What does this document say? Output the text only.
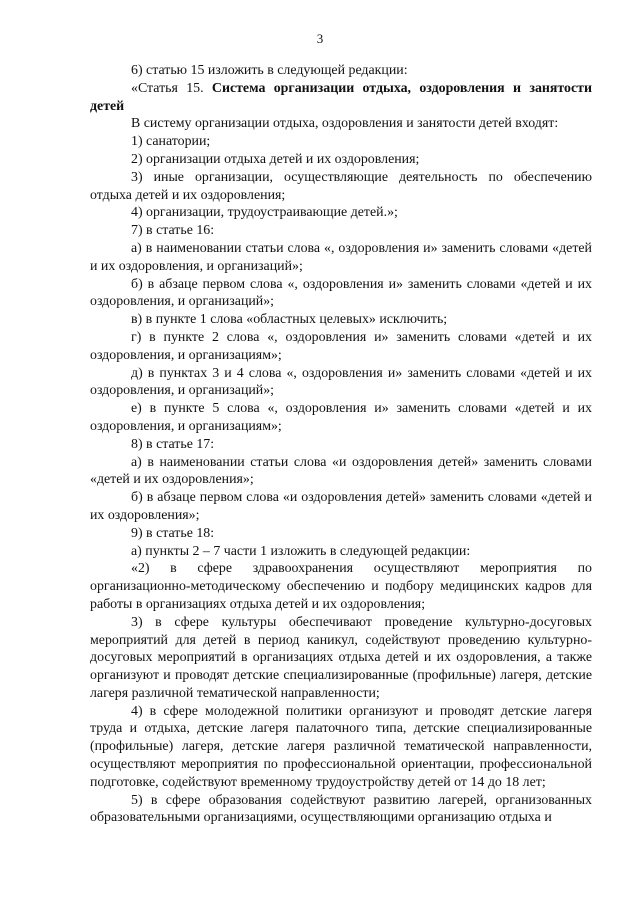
3

6) статью 15 изложить в следующей редакции:

«Статья 15. Система организации отдыха, оздоровления и занятости детей

В систему организации отдыха, оздоровления и занятости детей входят:

1) санатории;

2) организации отдыха детей и их оздоровления;

3) иные организации, осуществляющие деятельность по обеспечению отдыха детей и их оздоровления;

4) организации, трудоустраивающие детей.»;

7) в статье 16:

а) в наименовании статьи слова «, оздоровления и» заменить словами «детей и их оздоровления, и организаций»;

б) в абзаце первом слова «, оздоровления и» заменить словами «детей и их оздоровления, и организаций»;

в) в пункте 1 слова «областных целевых» исключить;

г) в пункте 2 слова «, оздоровления и» заменить словами «детей и их оздоровления, и организациям»;

д) в пунктах 3 и 4 слова «, оздоровления и» заменить словами «детей и их оздоровления, и организаций»;

е) в пункте 5 слова «, оздоровления и» заменить словами «детей и их оздоровления, и организациям»;

8) в статье 17:

а) в наименовании статьи слова «и оздоровления детей» заменить словами «детей и их оздоровления»;

б) в абзаце первом слова «и оздоровления детей» заменить словами «детей и их оздоровления»;

9) в статье 18:

а) пункты 2 – 7 части 1 изложить в следующей редакции:

«2) в сфере здравоохранения осуществляют мероприятия по организационно-методическому обеспечению и подбору медицинских кадров для работы в организациях отдыха детей и их оздоровления;

3) в сфере культуры обеспечивают проведение культурно-досуговых мероприятий для детей в период каникул, содействуют проведению культурно-досуговых мероприятий в организациях отдыха детей и их оздоровления, а также организуют и проводят детские специализированные (профильные) лагеря, детские лагеря различной тематической направленности;

4) в сфере молодежной политики организуют и проводят детские лагеря труда и отдыха, детские лагеря палаточного типа, детские специализированные (профильные) лагеря, детские лагеря различной тематической направленности, осуществляют мероприятия по профессиональной ориентации, профессиональной подготовке, содействуют временному трудоустройству детей от 14 до 18 лет;

5) в сфере образования содействуют развитию лагерей, организованных образовательными организациями, осуществляющими организацию отдыха и
